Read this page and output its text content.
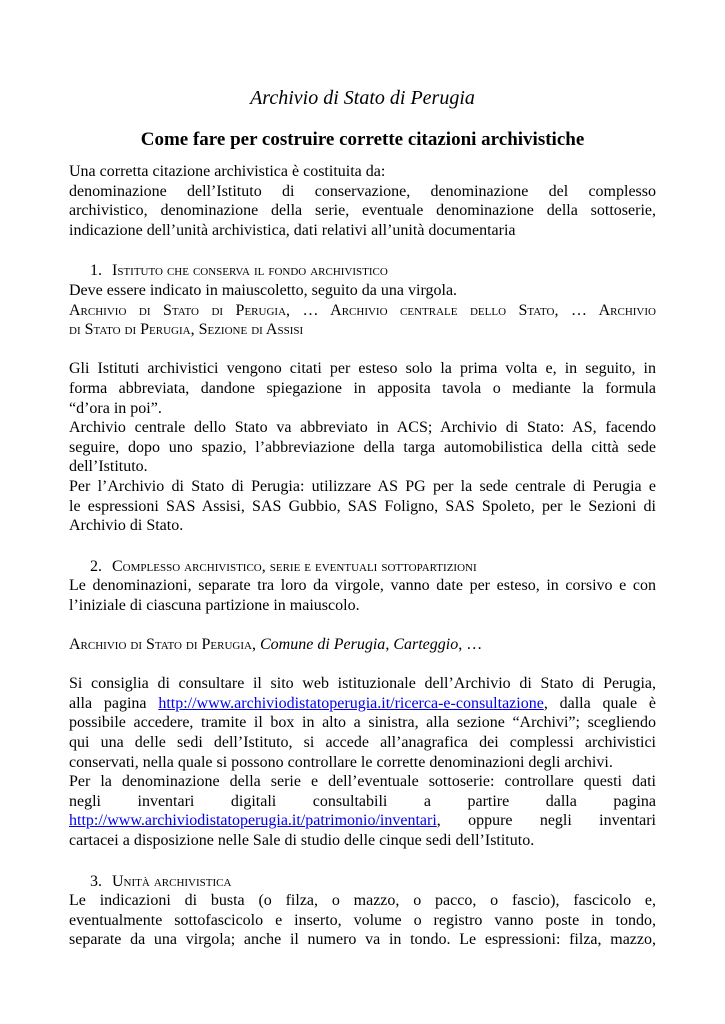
Archivio di Stato di Perugia
Come fare per costruire corrette citazioni archivistiche

Una corretta citazione archivistica è costituita da:

denominazione dell’Istituto di conservazione, denominazione del complesso

archivistico, denominazione della serie, eventuale denominazione della sottoserie,

indicazione dell’unità archivistica, dati relativi all’unità documentaria

1. Istituto che conserva il fondo archivistico

Deve essere indicato in maiuscoletto, seguito da una virgola.

Archivio di Stato di Perugia, … Archivio centrale dello Stato, … Archivio

di Stato di Perugia, Sezione di Assisi

Gli Istituti archivistici vengono citati per esteso solo la prima volta e, in seguito, in

forma abbreviata, dandone spiegazione in apposita tavola o mediante la formula

“d’ora in poi”.

Archivio centrale dello Stato va abbreviato in ACS; Archivio di Stato: AS, facendo

seguire, dopo uno spazio, l’abbreviazione della targa automobilistica della città sede

dell’Istituto.

Per l’Archivio di Stato di Perugia: utilizzare AS PG per la sede centrale di Perugia e

le espressioni SAS Assisi, SAS Gubbio, SAS Foligno, SAS Spoleto, per le Sezioni di

Archivio di Stato.

2. Complesso archivistico, serie e eventuali sottopartizioni

Le denominazioni, separate tra loro da virgole, vanno date per esteso, in corsivo e con

l’iniziale di ciascuna partizione in maiuscolo.

Archivio di Stato di Perugia, Comune di Perugia, Carteggio, …

Si consiglia di consultare il sito web istituzionale dell’Archivio di Stato di Perugia,

alla pagina http://www.archiviodistatoperugia.it/ricerca-e-consultazione, dalla quale è

possibile accedere, tramite il box in alto a sinistra, alla sezione “Archivi”; scegliendo

qui una delle sedi dell’Istituto, si accede all’anagrafica dei complessi archivistici

conservati, nella quale si possono controllare le corrette denominazioni degli archivi.

Per la denominazione della serie e dell’eventuale sottoserie: controllare questi dati

negli inventari digitali consultabili a partire dalla pagina

http://www.archiviodistatoperugia.it/patrimonio/inventari, oppure negli inventari

cartacei a disposizione nelle Sale di studio delle cinque sedi dell’Istituto.

3. Unità archivistica

Le indicazioni di busta (o filza, o mazzo, o pacco, o fascio), fascicolo e,

eventualmente sottofascicolo e inserto, volume o registro vanno poste in tondo,

separate da una virgola; anche il numero va in tondo. Le espressioni: filza, mazzo,
